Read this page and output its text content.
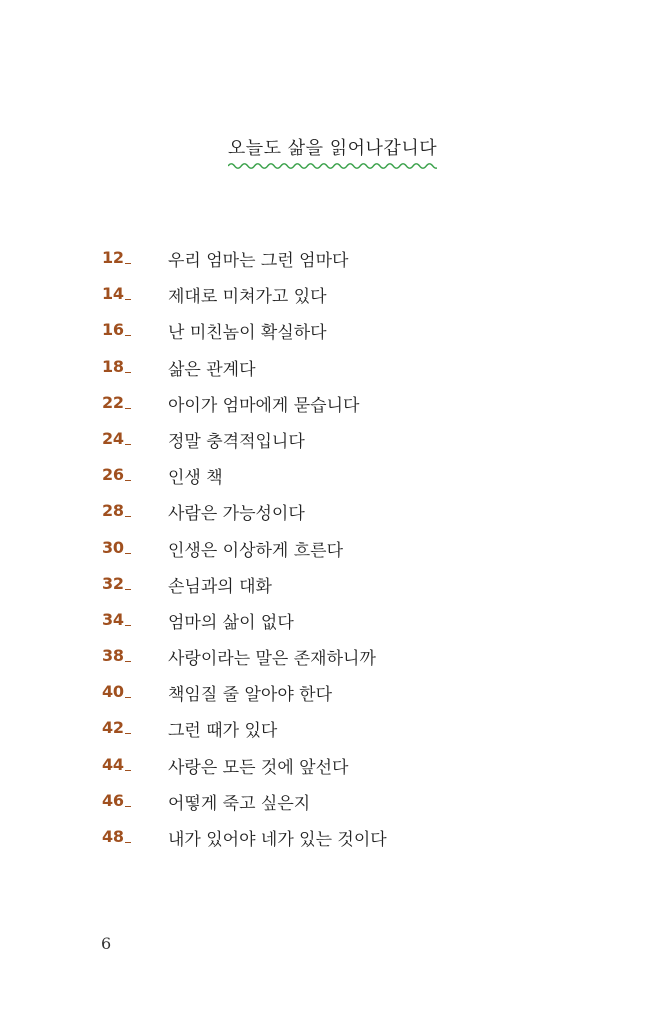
오늘도 삶을 읽어나갑니다
12	우리 엄마는 그런 엄마다
14	제대로 미쳐가고 있다
16	난 미친놈이 확실하다
18	삶은 관계다
22	아이가 엄마에게 묻습니다
24	정말 충격적입니다
26	인생 책
28	사람은 가능성이다
30	인생은 이상하게 흐른다
32	손님과의 대화
34	엄마의 삶이 없다
38	사랑이라는 말은 존재하니까
40	책임질 줄 알아야 한다
42	그런 때가 있다
44	사랑은 모든 것에 앞선다
46	어떻게 죽고 싶은지
48	내가 있어야 네가 있는 것이다
6
